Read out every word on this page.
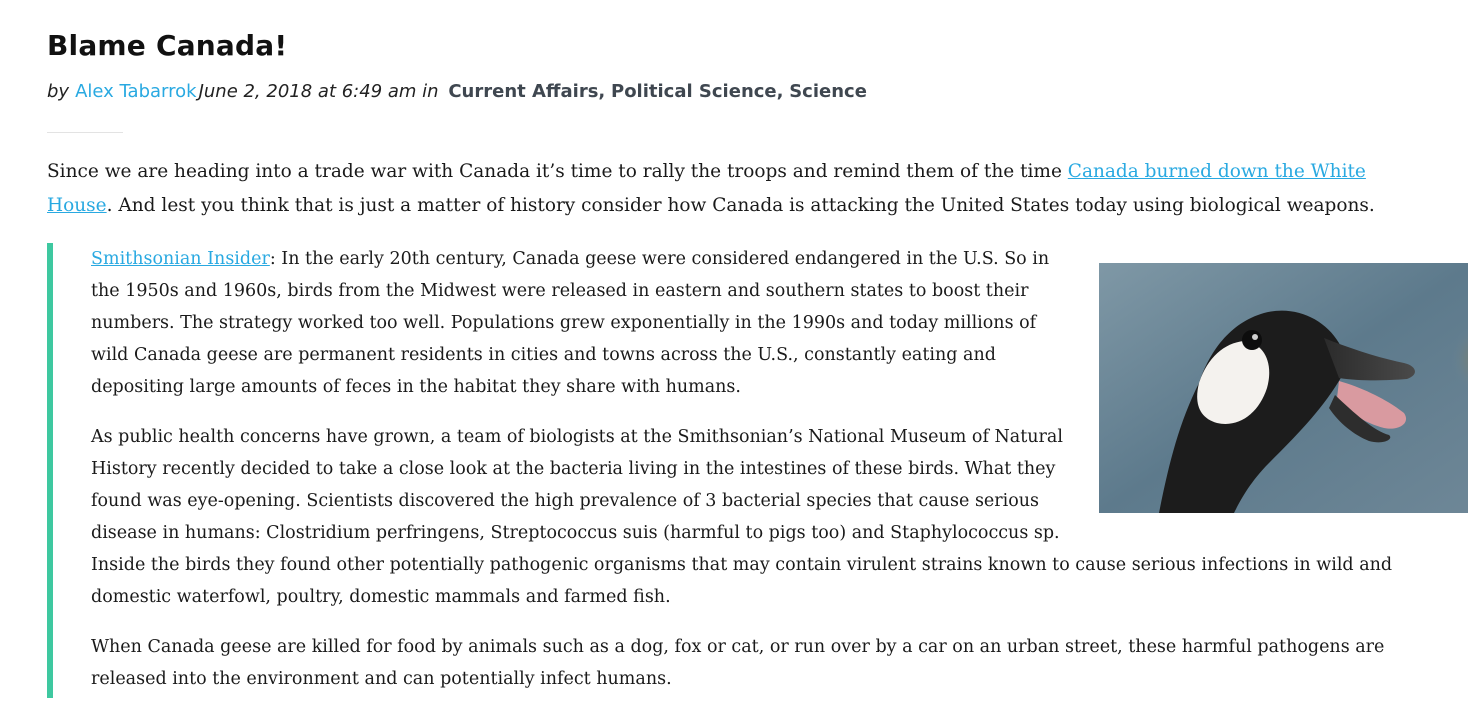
Blame Canada!
by Alex Tabarrok June 2, 2018 at 6:49 am in Current Affairs, Political Science, Science

Since we are heading into a trade war with Canada it’s time to rally the troops and remind them of the time Canada burned down the White House. And lest you think that is just a matter of history consider how Canada is attacking the United States today using biological weapons.

Smithsonian Insider
: In the early 20th century, Canada geese were considered endangered in the U.S. So in the 1950s and 1960s, birds from the Midwest were released in eastern and southern states to boost their numbers. The strategy worked too well. Populations grew exponentially in the 1990s and today millions of wild Canada geese are permanent residents in cities and towns across the U.S., constantly eating and depositing large amounts of feces in the habitat they share with humans.

As public health concerns have grown, a team of biologists at the Smithsonian’s National Museum of Natural History recently decided to take a close look at the bacteria living in the intestines of these birds. What they found was eye-opening. Scientists discovered the high prevalence of 3 bacterial species that cause serious disease in humans: Clostridium perfringens, Streptococcus suis (harmful to pigs too) and Staphylococcus sp. Inside the birds they found other potentially pathogenic organisms that may contain virulent strains known to cause serious infections in wild and domestic waterfowl, poultry, domestic mammals and farmed fish.

When Canada geese are killed for food by animals such as a dog, fox or cat, or run over by a car on an urban street, these harmful pathogens are released into the environment and can potentially infect humans.
